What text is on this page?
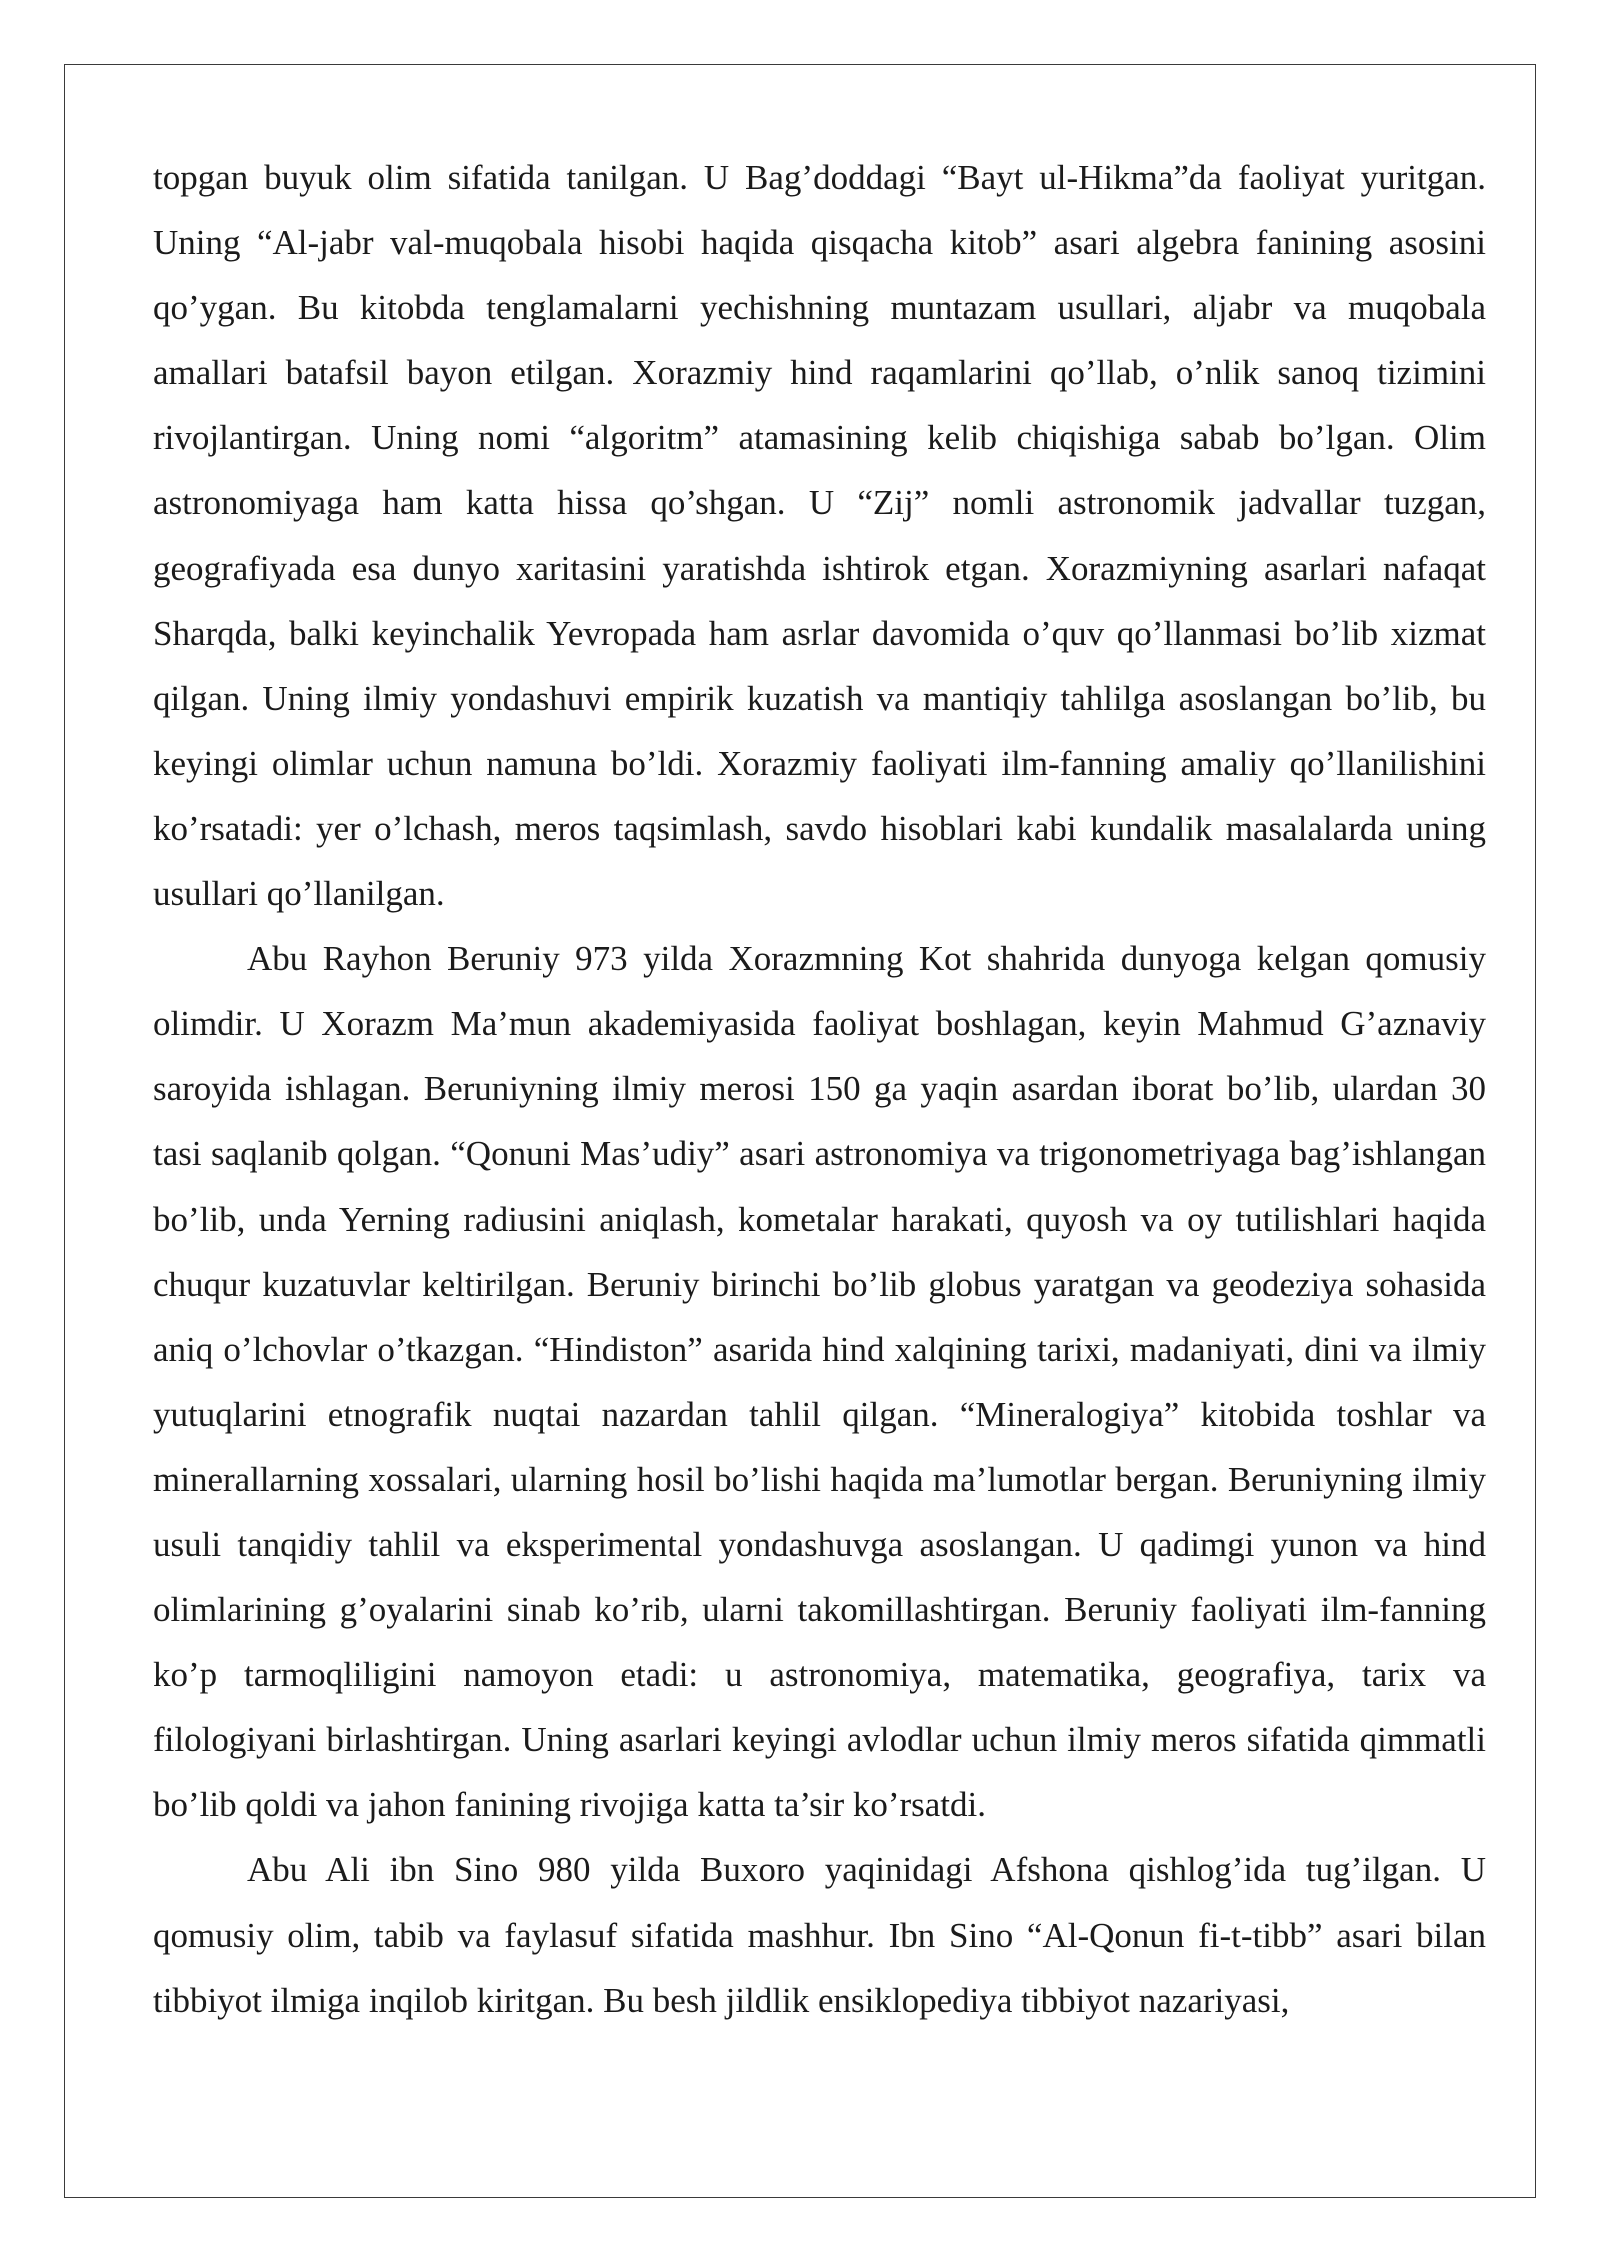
topgan buyuk olim sifatida tanilgan. U Bag’doddagi “Bayt ul-Hikma”da faoliyat yuritgan. Uning “Al-jabr val-muqobala hisobi haqida qisqacha kitob” asari algebra fanining asosini qo’ygan. Bu kitobda tenglamalarni yechishning muntazam usullari, aljabr va muqobala amallari batafsil bayon etilgan. Xorazmiy hind raqamlarini qo’llab, o’nlik sanoq tizimini rivojlantirgan. Uning nomi “algoritm” atamasining kelib chiqishiga sabab bo’lgan. Olim astronomiyaga ham katta hissa qo’shgan. U “Zij” nomli astronomik jadvallar tuzgan, geografiyada esa dunyo xaritasini yaratishda ishtirok etgan. Xorazmiyning asarlari nafaqat Sharqda, balki keyinchalik Yevropada ham asrlar davomida o’quv qo’llanmasi bo’lib xizmat qilgan. Uning ilmiy yondashuvi empirik kuzatish va mantiqiy tahlilga asoslangan bo’lib, bu keyingi olimlar uchun namuna bo’ldi. Xorazmiy faoliyati ilm-fanning amaliy qo’llanilishini ko’rsatadi: yer o’lchash, meros taqsimlash, savdo hisoblari kabi kundalik masalalarda uning usullari qo’llanilgan.

Abu Rayhon Beruniy 973 yilda Xorazmning Kot shahrida dunyoga kelgan qomusiy olimdir. U Xorazm Ma’mun akademiyasida faoliyat boshlagan, keyin Mahmud G’aznaviy saroyida ishlagan. Beruniyning ilmiy merosi 150 ga yaqin asardan iborat bo’lib, ulardan 30 tasi saqlanib qolgan. “Qonuni Mas’udiy” asari astronomiya va trigonometriyaga bag’ishlangan bo’lib, unda Yerning radiusini aniqlash, kometalar harakati, quyosh va oy tutilishlari haqida chuqur kuzatuvlar keltirilgan. Beruniy birinchi bo’lib globus yaratgan va geodeziya sohasida aniq o’lchovlar o’tkazgan. “Hindiston” asarida hind xalqining tarixi, madaniyati, dini va ilmiy yutuqlarini etnografik nuqtai nazardan tahlil qilgan. “Mineralogiya” kitobida toshlar va minerallarning xossalari, ularning hosil bo’lishi haqida ma’lumotlar bergan. Beruniyning ilmiy usuli tanqidiy tahlil va eksperimental yondashuvga asoslangan. U qadimgi yunon va hind olimlarining g’oyalarini sinab ko’rib, ularni takomillashtirgan. Beruniy faoliyati ilm-fanning ko’p tarmoqliligini namoyon etadi: u astronomiya, matematika, geografiya, tarix va filologiyani birlashtirgan. Uning asarlari keyingi avlodlar uchun ilmiy meros sifatida qimmatli bo’lib qoldi va jahon fanining rivojiga katta ta’sir ko’rsatdi.

Abu Ali ibn Sino 980 yilda Buxoro yaqinidagi Afshona qishlog’ida tug’ilgan. U qomusiy olim, tabib va faylasuf sifatida mashhur. Ibn Sino “Al-Qonun fi-t-tibb” asari bilan tibbiyot ilmiga inqilob kiritgan. Bu besh jildlik ensiklopediya tibbiyot nazariyasi,
